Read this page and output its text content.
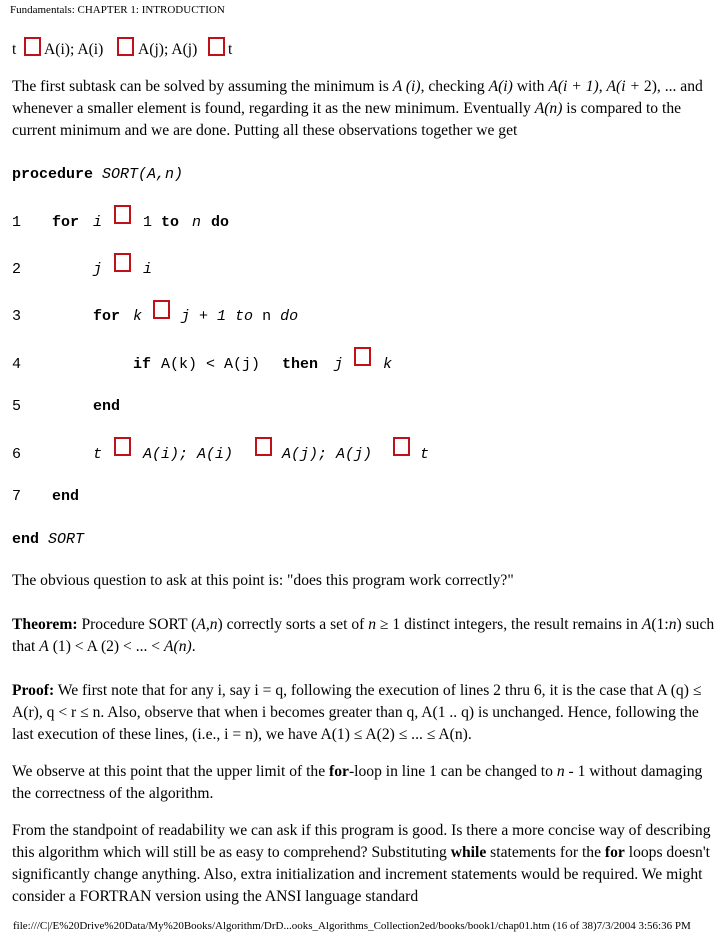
Fundamentals: CHAPTER 1: INTRODUCTION
t A(i); A(i) A(j); A(j) t

The first subtask can be solved by assuming the minimum is A (i), checking A(i) with A(i + 1), A(i + 2), ... and whenever a smaller element is found, regarding it as the new minimum. Eventually A(n) is compared to the current minimum and we are done. Putting all these observations together we get

procedure SORT(A,n)
1 for i	1 to n do
2	j	i
3	for k	j + 1 to n do
4	if A(k) < A(j) then j	k
5	end
6	t	A(i); A(i)	A(j); A(j)	t
7 end
end SORT

The obvious question to ask at this point is: "does this program work correctly?"

Theorem: Procedure SORT (A,n) correctly sorts a set of n ≥ 1 distinct integers, the result remains in A(1:n) such that A (1) < A (2) < ... < A(n).

Proof: We first note that for any i, say i = q, following the execution of lines 2 thru 6, it is the case that A (q) ≤ A(r), q < r ≤ n. Also, observe that when i becomes greater than q, A(1 .. q) is unchanged. Hence, following the last execution of these lines, (i.e., i = n), we have A(1) ≤ A(2) ≤ ... ≤ A(n).

We observe at this point that the upper limit of the for-loop in line 1 can be changed to n - 1 without damaging the correctness of the algorithm.

From the standpoint of readability we can ask if this program is good. Is there a more concise way of describing this algorithm which will still be as easy to comprehend? Substituting while statements for the for loops doesn't significantly change anything. Also, extra initialization and increment statements would be required. We might consider a FORTRAN version using the ANSI language standard

file:///C|/E%20Drive%20Data/My%20Books/Algorithm/DrD...ooks_Algorithms_Collection2ed/books/book1/chap01.htm (16 of 38)7/3/2004 3:56:36 PM
